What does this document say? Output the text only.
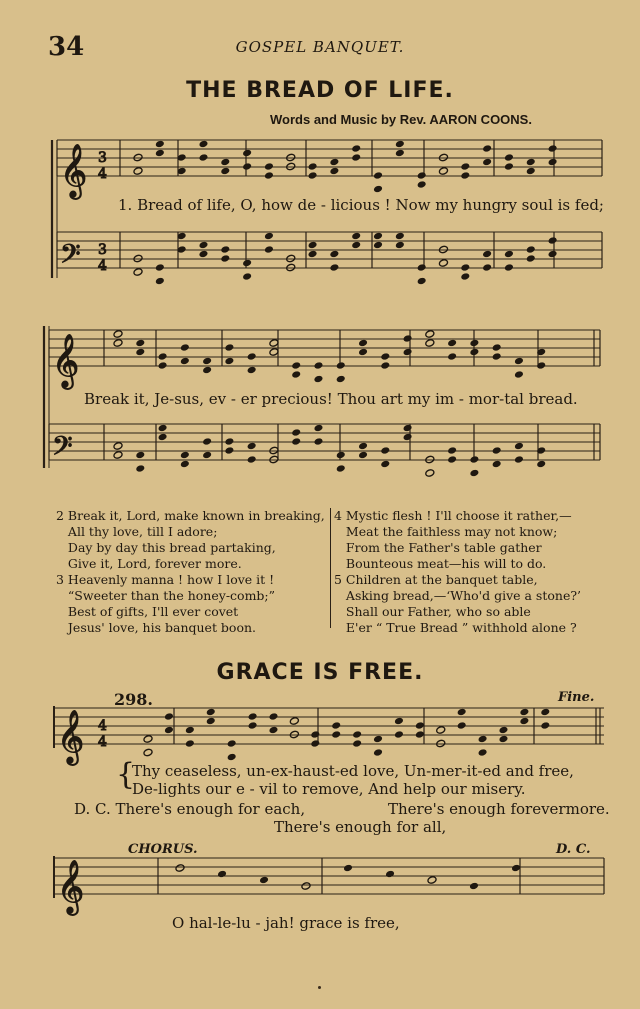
34	GOSPEL BANQUET.
THE BREAD OF LIFE.
Words and Music by Rev. AARON COONS.
𝄞
𝄢
3
4
3
4
𝄞
𝄢
𝄞 4
4
𝄞
1. Bread of life, O, how de - licious ! Now my hungry soul is fed;
Break it, Je-sus, ev - er precious! Thou art my im - mor-tal bread.
2 Break it, Lord, make known in breaking,
All thy love, till I adore;
Day by day this bread partaking,
Give it, Lord, forever more.
3 Heavenly manna ! how I love it !
“Sweeter than the honey-comb;”
Best of gifts, I'll ever covet
Jesus' love, his banquet boon.
4 Mystic flesh ! I'll choose it rather,—
Meat the faithless may not know;
From the Father's table gather
Bounteous meat—his will to do.
5 Children at the banquet table,
Asking bread,—‘Who'd give a stone?’
Shall our Father, who so able
E'er “ True Bread ” withhold alone ?
GRACE IS FREE.
298.	Fine.
{
Thy ceaseless, un-ex-haust-ed love, Un-mer-it-ed and free,
De-lights our e - vil to remove, And help our misery.
D. C. There's enough for each,	There's enough forevermore.
There's enough for all,
CHORUS.	D. C.
O hal-le-lu - jah! grace is free,
